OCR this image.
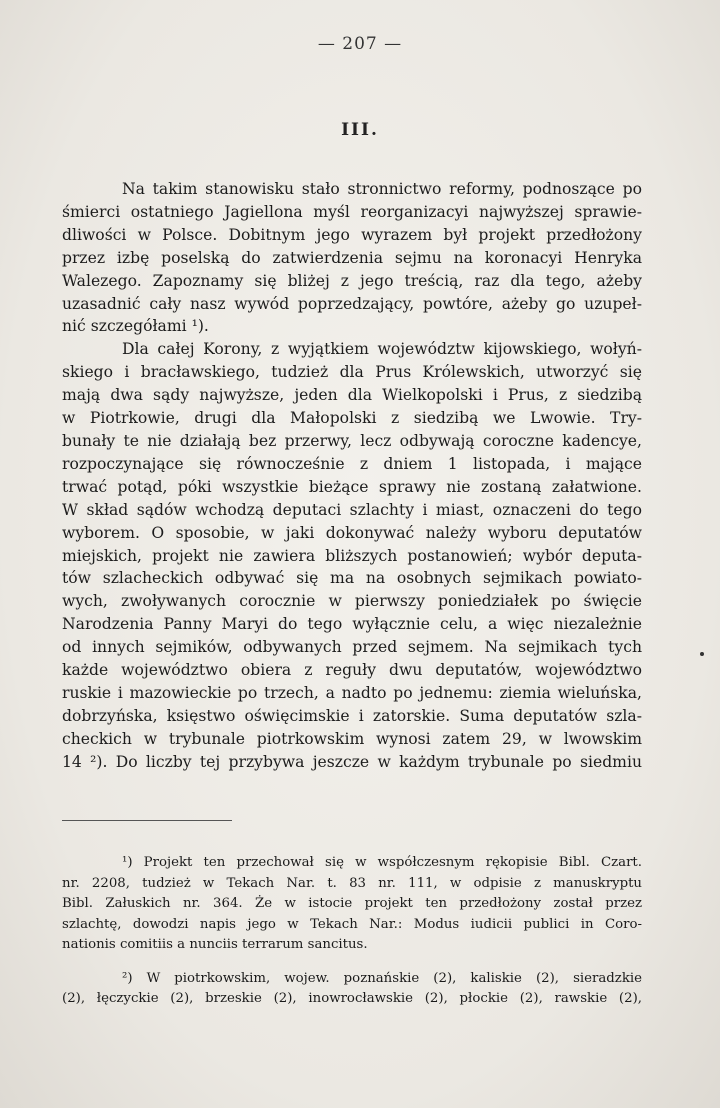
— 207 —
III.
Na takim stanowisku stało stronnictwo reformy, podnoszące po
śmierci ostatniego Jagiellona myśl reorganizacyi najwyższej sprawie-
dliwości w Polsce. Dobitnym jego wyrazem był projekt przedłożony
przez izbę poselską do zatwierdzenia sejmu na koronacyi Henryka
Walezego. Zapoznamy się bliżej z jego treścią, raz dla tego, ażeby
uzasadnić cały nasz wywód poprzedzający, powtóre, ażeby go uzupeł-
nić szczegółami ¹).
Dla całej Korony, z wyjątkiem województw kijowskiego, wołyń-
skiego i bracławskiego, tudzież dla Prus Królewskich, utworzyć się
mają dwa sądy najwyższe, jeden dla Wielkopolski i Prus, z siedzibą
w Piotrkowie, drugi dla Małopolski z siedzibą we Lwowie. Try-
bunały te nie działają bez przerwy, lecz odbywają coroczne kadencye,
rozpoczynające się równocześnie z dniem 1 listopada, i mające
trwać potąd, póki wszystkie bieżące sprawy nie zostaną załatwione.
W skład sądów wchodzą deputaci szlachty i miast, oznaczeni do tego
wyborem. O sposobie, w jaki dokonywać należy wyboru deputatów
miejskich, projekt nie zawiera bliższych postanowień; wybór deputa-
tów szlacheckich odbywać się ma na osobnych sejmikach powiato-
wych, zwoływanych corocznie w pierwszy poniedziałek po święcie
Narodzenia Panny Maryi do tego wyłącznie celu, a więc niezależnie
od innych sejmików, odbywanych przed sejmem. Na sejmikach tych
każde województwo obiera z reguły dwu deputatów, województwo
ruskie i mazowieckie po trzech, a nadto po jednemu: ziemia wieluńska,
dobrzyńska, księstwo oświęcimskie i zatorskie. Suma deputatów szla-
checkich w trybunale piotrkowskim wynosi zatem 29, w lwowskim
14 ²). Do liczby tej przybywa jeszcze w każdym trybunale po siedmiu
¹) Projekt ten przechował się w współczesnym rękopisie Bibl. Czart.
nr. 2208, tudzież w Tekach Nar. t. 83 nr. 111, w odpisie z manuskryptu
Bibl. Załuskich nr. 364. Że w istocie projekt ten przedłożony został przez
szlachtę, dowodzi napis jego w Tekach Nar.: Modus iudicii publici in Coro-
nationis comitiis a nunciis terrarum sancitus.
²) W piotrkowskim, wojew. poznańskie (2), kaliskie (2), sieradzkie
(2), łęczyckie (2), brzeskie (2), inowrocławskie (2), płockie (2), rawskie (2),
